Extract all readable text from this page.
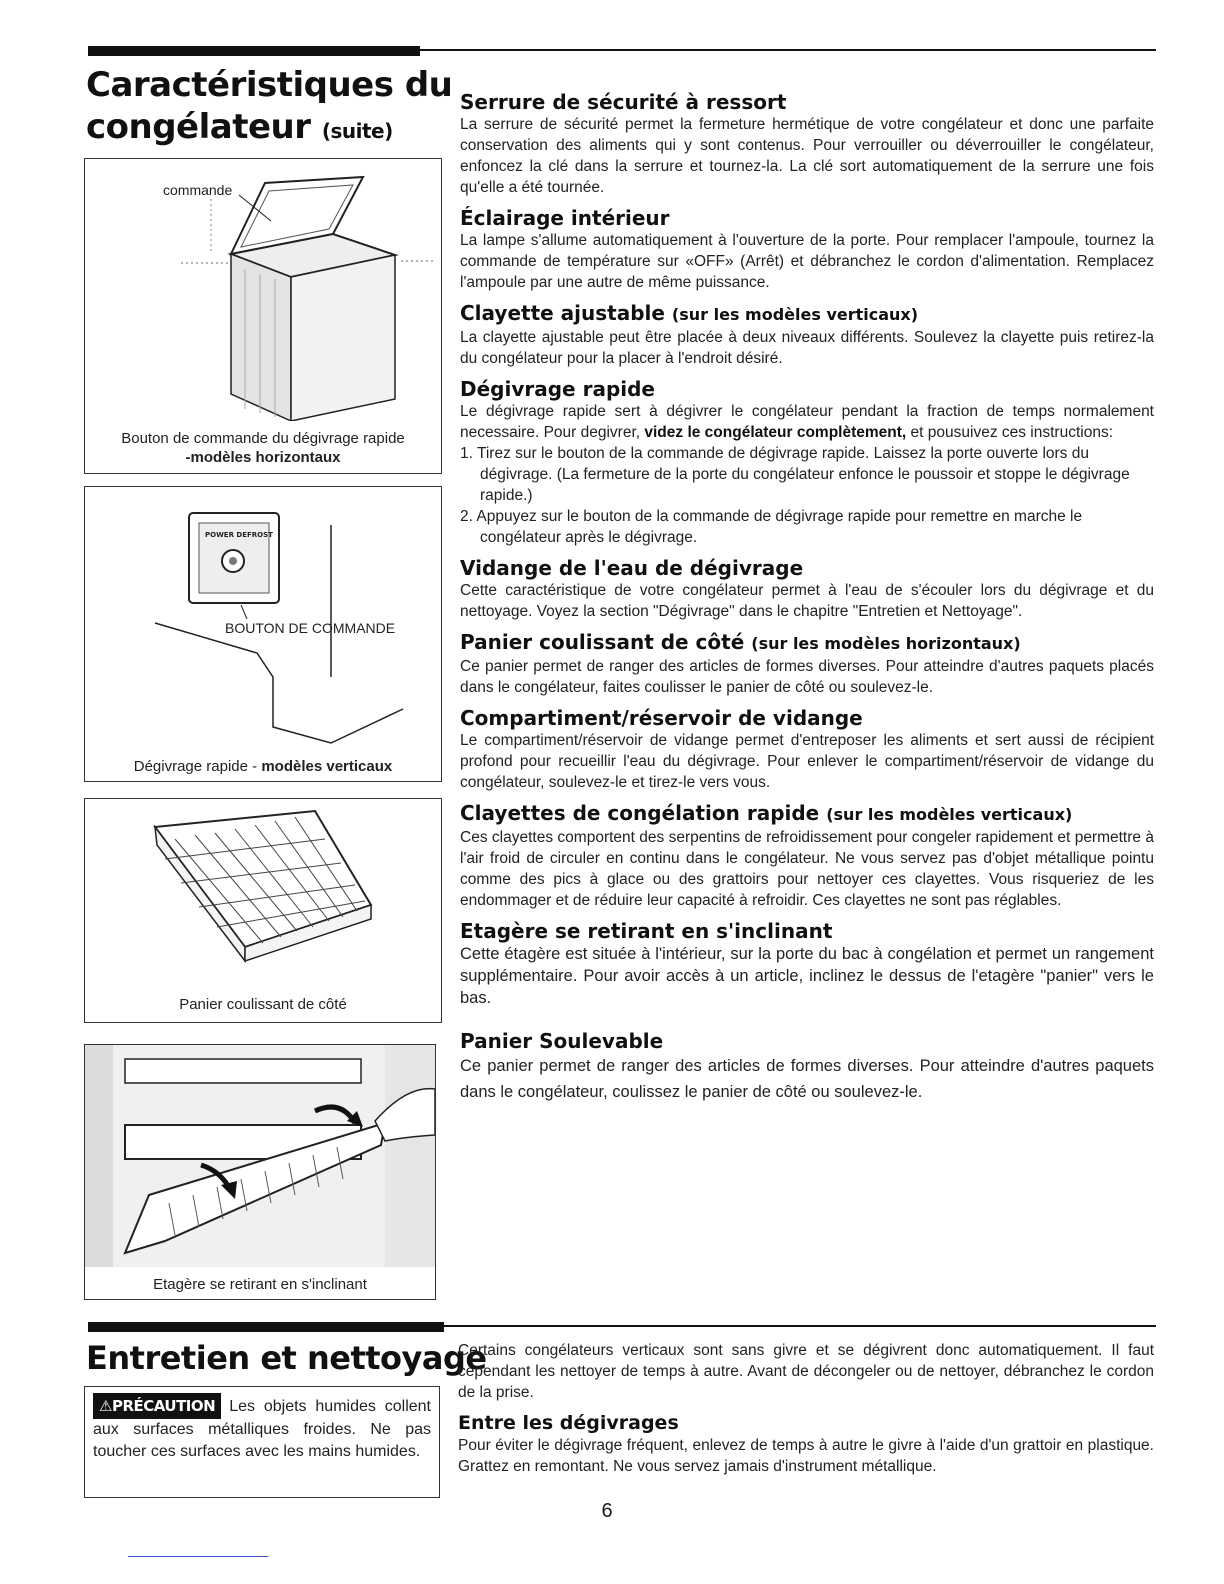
Caractéristiques du
congélateur (suite)
commande
Bouton de commande du dégivrage rapide
-modèles horizontaux
POWER DEFROST
BOUTON DE COMMANDE
Dégivrage rapide - modèles verticaux
Panier coulissant de côté
Etagère se retirant en s'inclinant
Serrure de sécurité à ressort

La serrure de sécurité permet la fermeture hermétique de votre congélateur et donc une parfaite conservation des aliments qui y sont contenus. Pour verrouiller ou déverrouiller le congélateur, enfoncez la clé dans la serrure et tournez-la. La clé sort automatiquement de la serrure une fois qu'elle a été tournée.

Éclairage intérieur

La lampe s'allume automatiquement à l'ouverture de la porte. Pour remplacer l'ampoule, tournez la commande de température sur «OFF» (Arrêt) et débranchez le cordon d'alimentation. Remplacez l'ampoule par une autre de même puissance.

Clayette ajustable (sur les modèles verticaux)

La clayette ajustable peut être placée à deux niveaux différents. Soulevez la clayette puis retirez-la du congélateur pour la placer à l'endroit désiré.

Dégivrage rapide

Le dégivrage rapide sert à dégivrer le congélateur pendant la fraction de temps normalement necessaire. Pour degivrer, videz le congélateur complètement, et pousuivez ces instructions:

1. Tirez sur le bouton de la commande de dégivrage rapide. Laissez la porte ouverte lors du dégivrage. (La fermeture de la porte du congélateur enfonce le poussoir et stoppe le dégivrage rapide.)
2. Appuyez sur le bouton de la commande de dégivrage rapide pour remettre en marche le congélateur après le dégivrage.
Vidange de l'eau de dégivrage

Cette caractéristique de votre congélateur permet à l'eau de s'écouler lors du dégivrage et du nettoyage. Voyez la section "Dégivrage" dans le chapitre "Entretien et Nettoyage".

Panier coulissant de côté (sur les modèles horizontaux)

Ce panier permet de ranger des articles de formes diverses. Pour atteindre d'autres paquets placés dans le congélateur, faites coulisser le panier de côté ou soulevez-le.

Compartiment/réservoir de vidange

Le compartiment/réservoir de vidange permet d'entreposer les aliments et sert aussi de récipient profond pour recueillir l'eau du dégivrage. Pour enlever le compartiment/réservoir de vidange du congélateur, soulevez-le et tirez-le vers vous.

Clayettes de congélation rapide (sur les modèles verticaux)

Ces clayettes comportent des serpentins de refroidissement pour congeler rapidement et permettre à l'air froid de circuler en continu dans le congélateur. Ne vous servez pas d'objet métallique pointu comme des pics à glace ou des grattoirs pour nettoyer ces clayettes. Vous risqueriez de les endommager et de réduire leur capacité à refroidir. Ces clayettes ne sont pas réglables.

Etagère se retirant en s'inclinant

Cette étagère est située à l'intérieur, sur la porte du bac à congélation et permet un rangement supplémentaire. Pour avoir accès à un article, inclinez le dessus de l'etagère "panier" vers le bas.

Panier Soulevable

Ce panier permet de ranger des articles de formes diverses. Pour atteindre d'autres paquets dans le congélateur, coulissez le panier de côté ou soulevez-le.

Entretien et nettoyage
⚠PRÉCAUTION Les objets humides collent aux surfaces métalliques froides. Ne pas toucher ces surfaces avec les mains humides.

Certains congélateurs verticaux sont sans givre et se dégivrent donc automatiquement. Il faut cependant les nettoyer de temps à autre. Avant de décongeler ou de nettoyer, débranchez le cordon de la prise.

Entre les dégivrages

Pour éviter le dégivrage fréquent, enlevez de temps à autre le givre à l'aide d'un grattoir en plastique. Grattez en remontant. Ne vous servez jamais d'instrument métallique.

6
